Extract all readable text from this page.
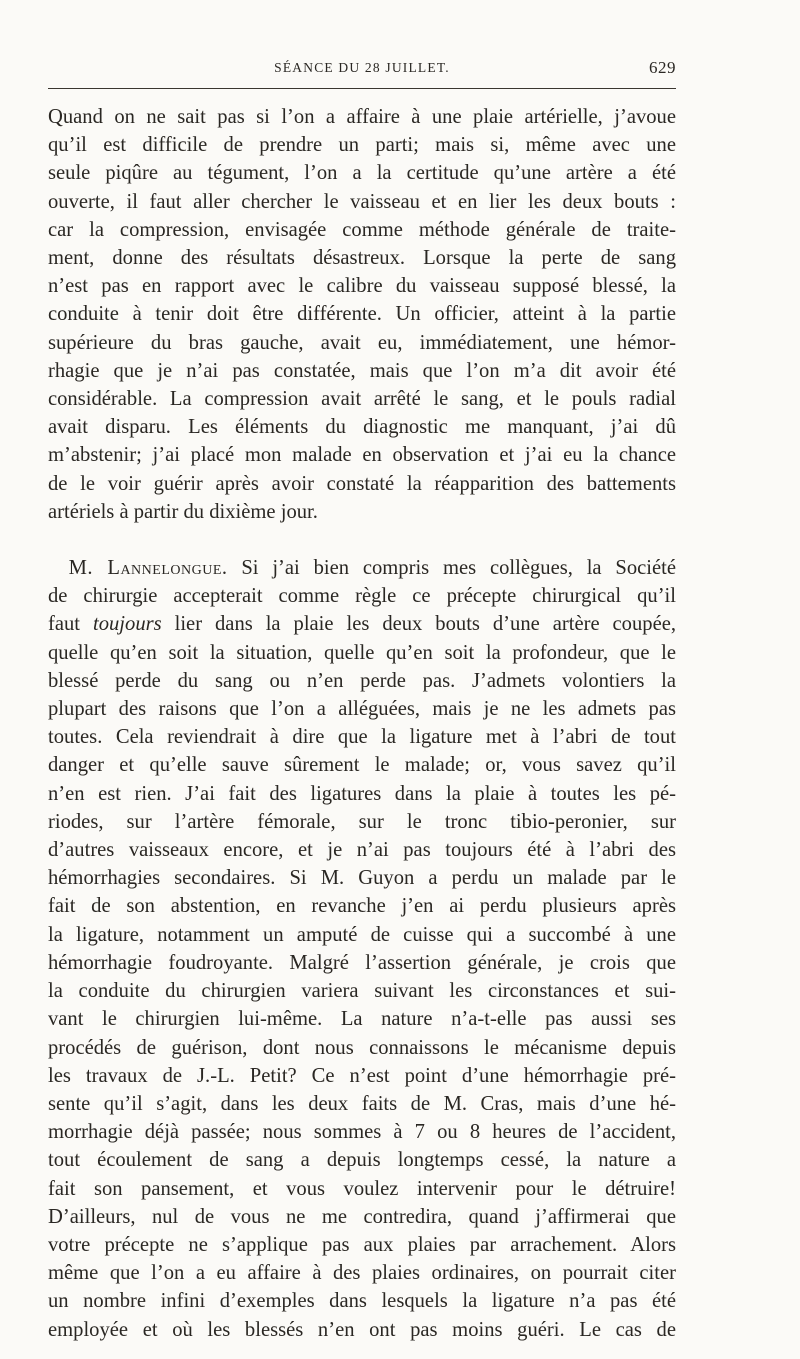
SÉANCE DU 28 JUILLET.	629

Quand on ne sait pas si l’on a affaire à une plaie artérielle, j’avoue
qu’il est difficile de prendre un parti; mais si, même avec une
seule piqûre au tégument, l’on a la certitude qu’une artère a été
ouverte, il faut aller chercher le vaisseau et en lier les deux bouts :
car la compression, envisagée comme méthode générale de traite-
ment, donne des résultats désastreux. Lorsque la perte de sang
n’est pas en rapport avec le calibre du vaisseau supposé blessé, la
conduite à tenir doit être différente. Un officier, atteint à la partie
supérieure du bras gauche, avait eu, immédiatement, une hémor-
rhagie que je n’ai pas constatée, mais que l’on m’a dit avoir été
considérable. La compression avait arrêté le sang, et le pouls radial
avait disparu. Les éléments du diagnostic me manquant, j’ai dû
m’abstenir; j’ai placé mon malade en observation et j’ai eu la chance
de le voir guérir après avoir constaté la réapparition des battements
artériels à partir du dixième jour.

 M. Lannelongue. Si j’ai bien compris mes collègues, la Société
de chirurgie accepterait comme règle ce précepte chirurgical qu’il
faut toujours lier dans la plaie les deux bouts d’une artère coupée,
quelle qu’en soit la situation, quelle qu’en soit la profondeur, que le
blessé perde du sang ou n’en perde pas. J’admets volontiers la
plupart des raisons que l’on a alléguées, mais je ne les admets pas
toutes. Cela reviendrait à dire que la ligature met à l’abri de tout
danger et qu’elle sauve sûrement le malade; or, vous savez qu’il
n’en est rien. J’ai fait des ligatures dans la plaie à toutes les pé-
riodes, sur l’artère fémorale, sur le tronc tibio-peronier, sur
d’autres vaisseaux encore, et je n’ai pas toujours été à l’abri des
hémorrhagies secondaires. Si M. Guyon a perdu un malade par le
fait de son abstention, en revanche j’en ai perdu plusieurs après
la ligature, notamment un amputé de cuisse qui a succombé à une
hémorrhagie foudroyante. Malgré l’assertion générale, je crois que
la conduite du chirurgien variera suivant les circonstances et sui-
vant le chirurgien lui-même. La nature n’a-t-elle pas aussi ses
procédés de guérison, dont nous connaissons le mécanisme depuis
les travaux de J.-L. Petit? Ce n’est point d’une hémorrhagie pré-
sente qu’il s’agit, dans les deux faits de M. Cras, mais d’une hé-
morrhagie déjà passée; nous sommes à 7 ou 8 heures de l’accident,
tout écoulement de sang a depuis longtemps cessé, la nature a
fait son pansement, et vous voulez intervenir pour le détruire!
D’ailleurs, nul de vous ne me contredira, quand j’affirmerai que
votre précepte ne s’applique pas aux plaies par arrachement. Alors
même que l’on a eu affaire à des plaies ordinaires, on pourrait citer
un nombre infini d’exemples dans lesquels la ligature n’a pas été
employée et où les blessés n’en ont pas moins guéri. Le cas de
